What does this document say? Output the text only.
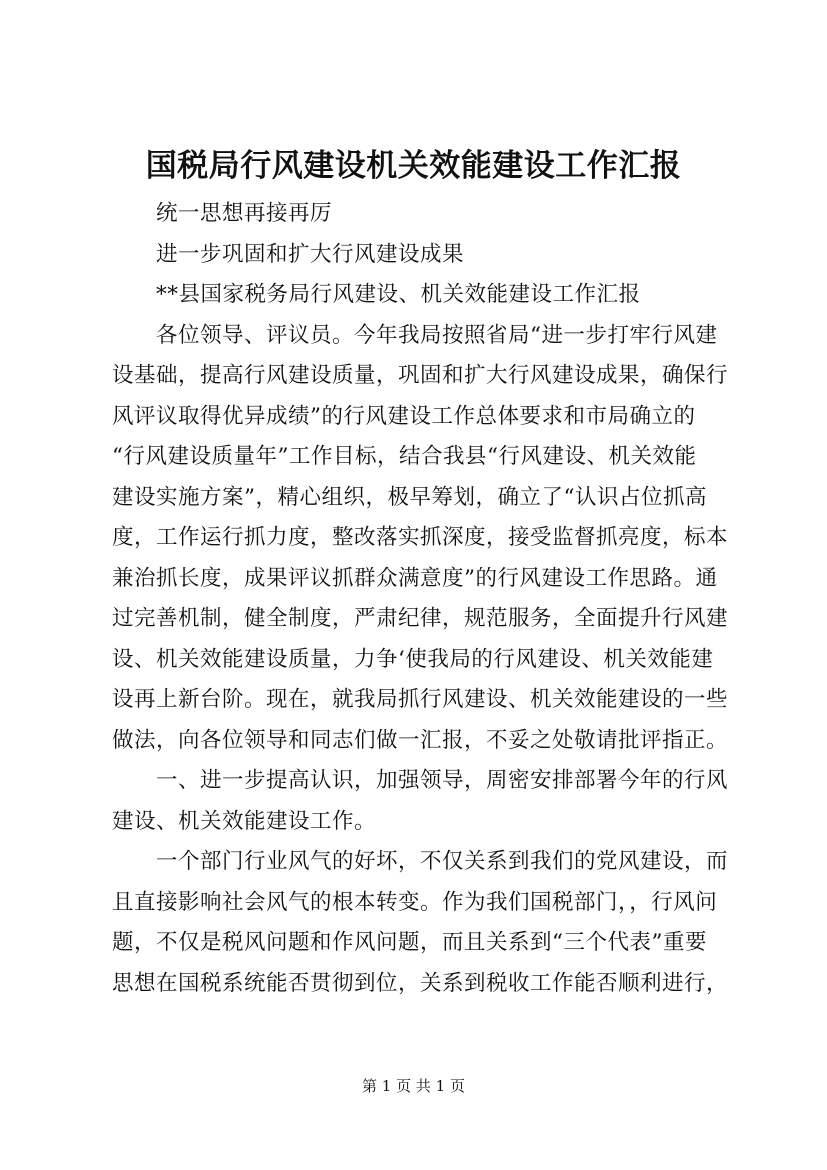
国税局行风建设机关效能建设工作汇报
统一思想再接再厉
进一步巩固和扩大行风建设成果
**县国家税务局行风建设、机关效能建设工作汇报
各位领导、评议员。今年我局按照省局“进一步打牢行风建
设基础，提高行风建设质量，巩固和扩大行风建设成果，确保行
风评议取得优异成绩”的行风建设工作总体要求和市局确立的
“行风建设质量年”工作目标，结合我县“行风建设、机关效能
建设实施方案”，精心组织，极早筹划，确立了“认识占位抓高
度，工作运行抓力度，整改落实抓深度，接受监督抓亮度，标本
兼治抓长度，成果评议抓群众满意度”的行风建设工作思路。通
过完善机制，健全制度，严肃纪律，规范服务，全面提升行风建
设、机关效能建设质量，力争‘使我局的行风建设、机关效能建
设再上新台阶。现在，就我局抓行风建设、机关效能建设的一些
做法，向各位领导和同志们做一汇报，不妥之处敬请批评指正。
一、进一步提高认识，加强领导，周密安排部署今年的行风
建设、机关效能建设工作。
一个部门行业风气的好坏，不仅关系到我们的党风建设，而
且直接影响社会风气的根本转变。作为我们国税部门，，行风问
题，不仅是税风问题和作风问题，而且关系到“三个代表”重要
思想在国税系统能否贯彻到位，关系到税收工作能否顺利进行，
第 1 页 共 1 页
